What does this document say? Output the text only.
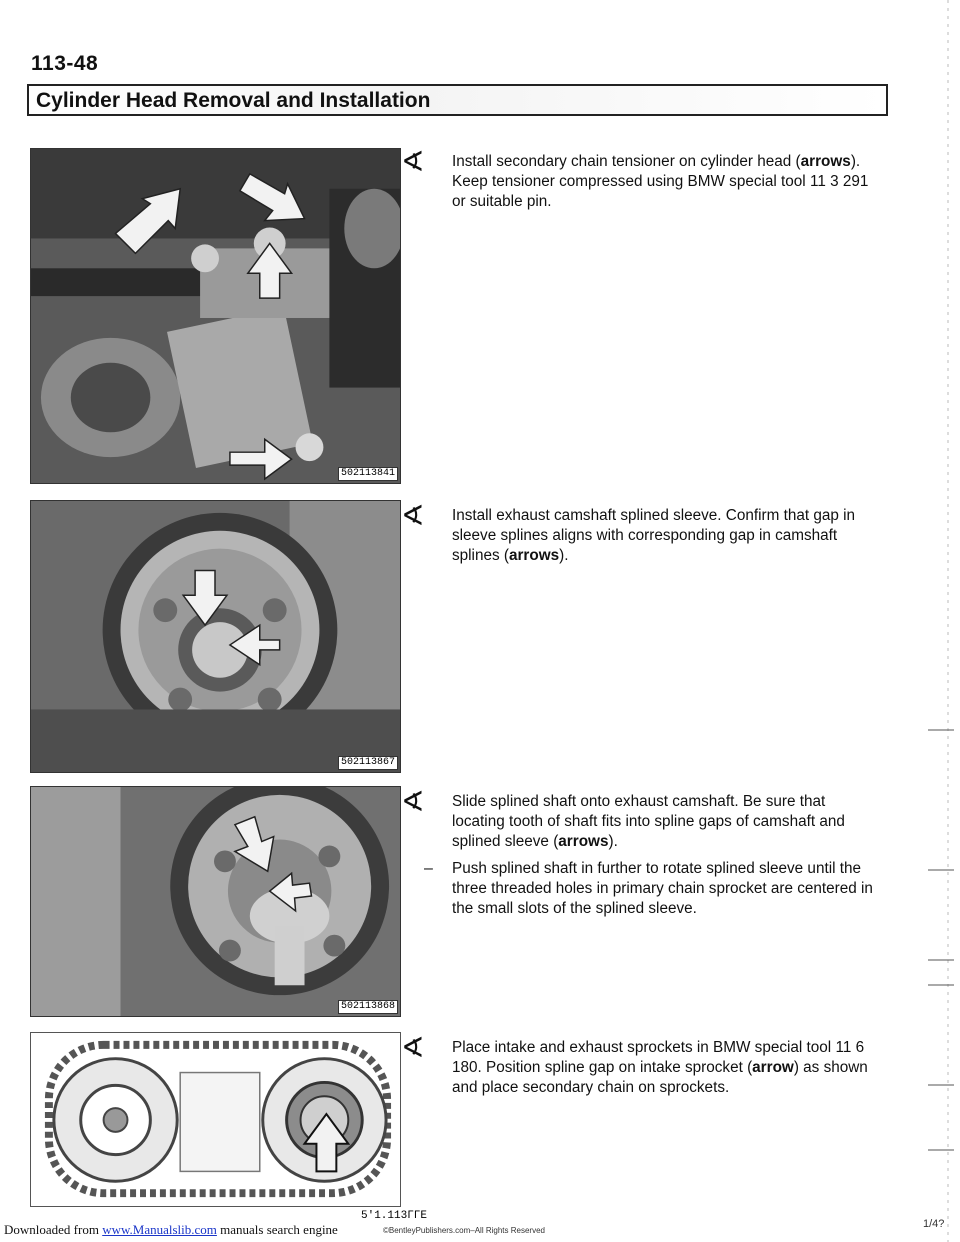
113-48
Cylinder Head Removal and Installation
502113841
502113867
502113868
5'1.113ГГЕ

∢ Install secondary chain tensioner on cylinder head (arrows). Keep tensioner compressed using BMW special tool 11 3 291 or suitable pin.

∢ Install exhaust camshaft splined sleeve. Confirm that gap in sleeve splines aligns with corresponding gap in camshaft splines (arrows).

∢ Slide splined shaft onto exhaust camshaft. Be sure that locating tooth of shaft fits into spline gaps of camshaft and splined sleeve (arrows).

– Push splined shaft in further to rotate splined sleeve until the three threaded holes in primary chain sprocket are centered in the small slots of the splined sleeve.

∢ Place intake and exhaust sprockets in BMW special tool 11 6 180. Position spline gap on intake sprocket (arrow) as shown and place secondary chain on sprockets.

Downloaded from www.Manualslib.com manuals search engine	©BentleyPublishers.com–All Rights Reserved
1/4?
